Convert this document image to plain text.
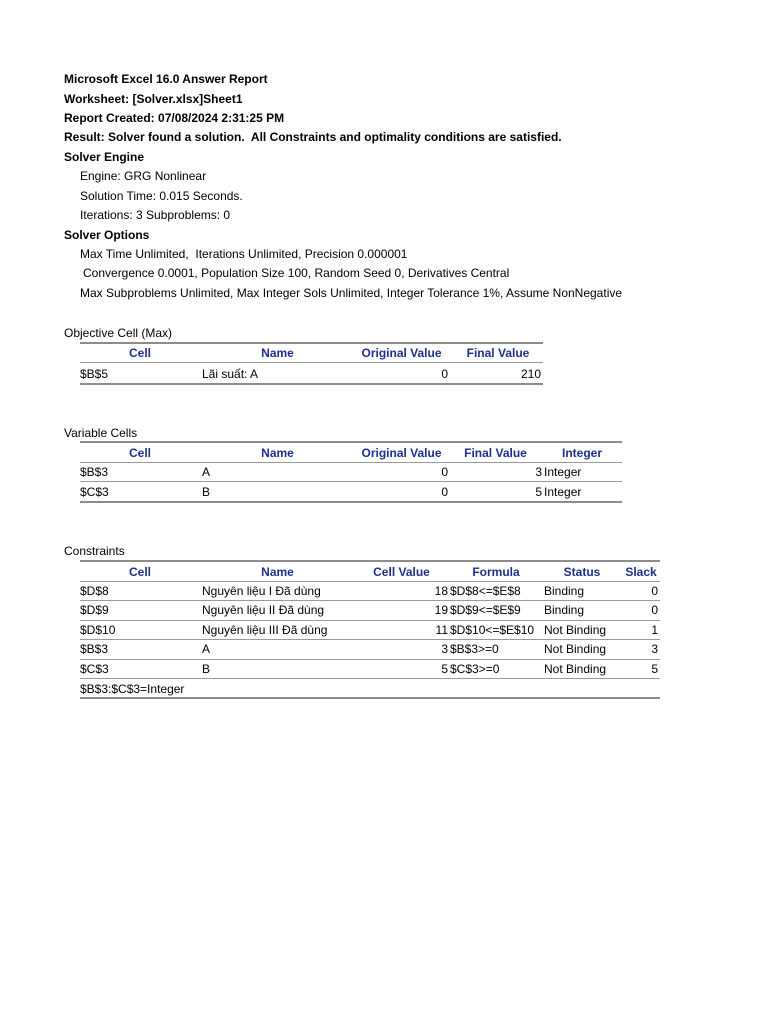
Microsoft Excel 16.0 Answer Report
Worksheet: [Solver.xlsx]Sheet1
Report Created: 07/08/2024 2:31:25 PM
Result: Solver found a solution.  All Constraints and optimality conditions are satisfied.
Solver Engine
Engine: GRG Nonlinear
Solution Time: 0.015 Seconds.
Iterations: 3 Subproblems: 0
Solver Options
Max Time Unlimited,  Iterations Unlimited, Precision 0.000001
Convergence 0.0001, Population Size 100, Random Seed 0, Derivatives Central
Max Subproblems Unlimited, Max Integer Sols Unlimited, Integer Tolerance 1%, Assume NonNegative
Objective Cell (Max)
Cell	Name	Original Value	Final Value
$B$5	Lãi suất: A	0	210
Variable Cells
Cell	Name	Original Value	Final Value	Integer
$B$3	A	0	3 Integer
$C$3	B	0	5 Integer
Constraints
Cell	Name	Cell Value	Formula	Status	Slack
$D$8	Nguyên liệu I Đã dùng	18 $D$8<=$E$8 Binding	0
$D$9	Nguyên liệu II Đã dùng	19 $D$9<=$E$9 Binding	0
$D$10	Nguyên liệu III Đã dùng	11 $D$10<=$E$10 Not Binding	1
$B$3	A	3 $B$3>=0	Not Binding	3
$C$3	B	5 $C$3>=0	Not Binding	5
$B$3:$C$3=Integer
